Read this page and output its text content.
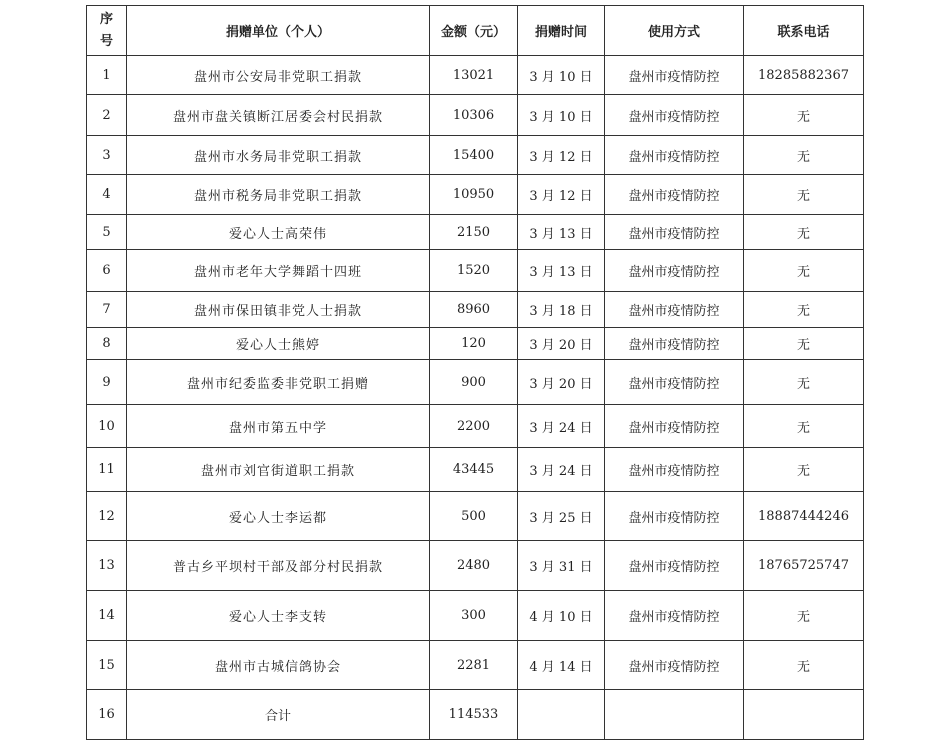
序
号	捐赠单位（个人）	金额（元）	捐赠时间	使用方式	联系电话
1	盘州市公安局非党职工捐款	13021	3 月 10 日	盘州市疫情防控	18285882367
2	盘州市盘关镇断江居委会村民捐款	10306	3 月 10 日	盘州市疫情防控	无
3	盘州市水务局非党职工捐款	15400	3 月 12 日	盘州市疫情防控	无
4	盘州市税务局非党职工捐款	10950	3 月 12 日	盘州市疫情防控	无
5	爱心人士高荣伟	2150	3 月 13 日	盘州市疫情防控	无
6	盘州市老年大学舞蹈十四班	1520	3 月 13 日	盘州市疫情防控	无
7	盘州市保田镇非党人士捐款	8960	3 月 18 日	盘州市疫情防控	无
8	爱心人士熊婷	120	3 月 20 日	盘州市疫情防控	无
9	盘州市纪委监委非党职工捐赠	900	3 月 20 日	盘州市疫情防控	无
10	盘州市第五中学	2200	3 月 24 日	盘州市疫情防控	无
11	盘州市刘官街道职工捐款	43445	3 月 24 日	盘州市疫情防控	无
12	爱心人士李运都	500	3 月 25 日	盘州市疫情防控	18887444246
13	普古乡平坝村干部及部分村民捐款	2480	3 月 31 日	盘州市疫情防控	18765725747
14	爱心人士李支转	300	4 月 10 日	盘州市疫情防控	无
15	盘州市古城信鸽协会	2281	4 月 14 日	盘州市疫情防控	无
16	合计	114533			
